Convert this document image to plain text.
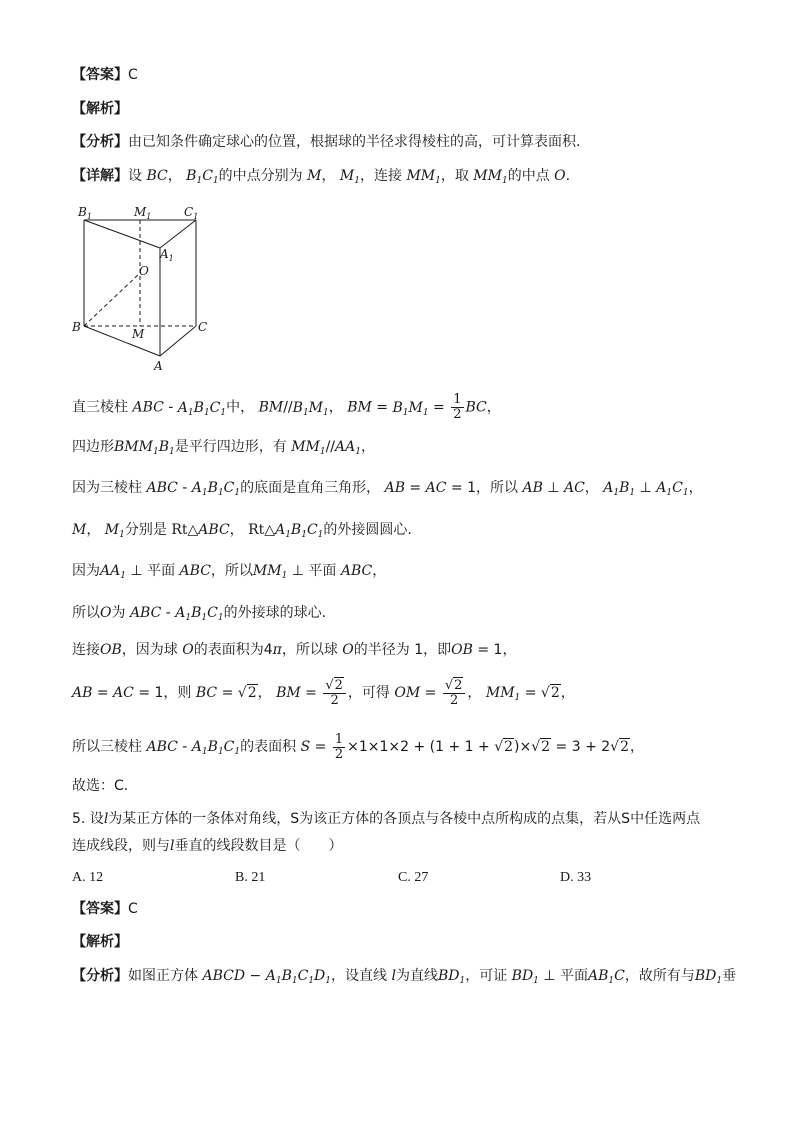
【答案】C
【解析】
【分析】由已知条件确定球心的位置，根据球的半径求得棱柱的高，可计算表面积.
【详解】设 BC， $B_1C_1$的中点分别为 M， $M_1$，连接 $MM_1$，取 $MM_1$的中点 O.
$B_1$	$M_1$	$C_1$
$A_1$
O
B	M	C
A
直三棱柱 ABC - $A_1B_1C_1$中， $BM//B_1M_1$， BM = $B_1M_1 = \frac{1}{2}$ BC，
四边形$BMM_1B_1$是平行四边形，有 $MM_1//AA_1$，
因为三棱柱 ABC - $A_1B_1C_1$的底面是直角三角形， AB = AC = 1，所以 AB ⊥ AC， $A_1B_1$ ⊥ $A_1C_1$，
M， $M_1$分别是 Rt△ABC， $Rt\triangle A_1B_1C_1$的外接圆圆心.
因为$AA_1$ ⊥ 平面 ABC，所以$MM_1$ ⊥ 平面 ABC，
所以O为 ABC - $A_1B_1C_1$的外接球的球心.
连接OB，因为球 O的表面积为4π，所以球 O的半径为 1，即OB = 1，
AB = AC = 1，则 BC = √2， BM = $\frac{√2}{2}$ ，可得 OM = $\frac{√2}{2}$ ， $MM_1 = √2$，
所以三棱柱 ABC - $A_1B_1C_1$的表面积 $S = \frac{1}{2} \times 1\times 1\times 2 + (1 + 1 + √2)\times√2 = 3 + 2√2$，
故选：C.
5. 设l为某正方体的一条体对角线，S为该正方体的各顶点与各棱中点所构成的点集，若从S中任选两点
连成线段，则与l垂直的线段数目是（　　）
A. 12	B. 21	C. 27	D. 33
【答案】C
【解析】
【分析】如图正方体 ABCD − $A_1B_1C_1D_1$，设直线 l为直线$BD_1$，可证 $BD_1$ ⊥ 平面$AB_1C$，故所有与$BD_1$垂
